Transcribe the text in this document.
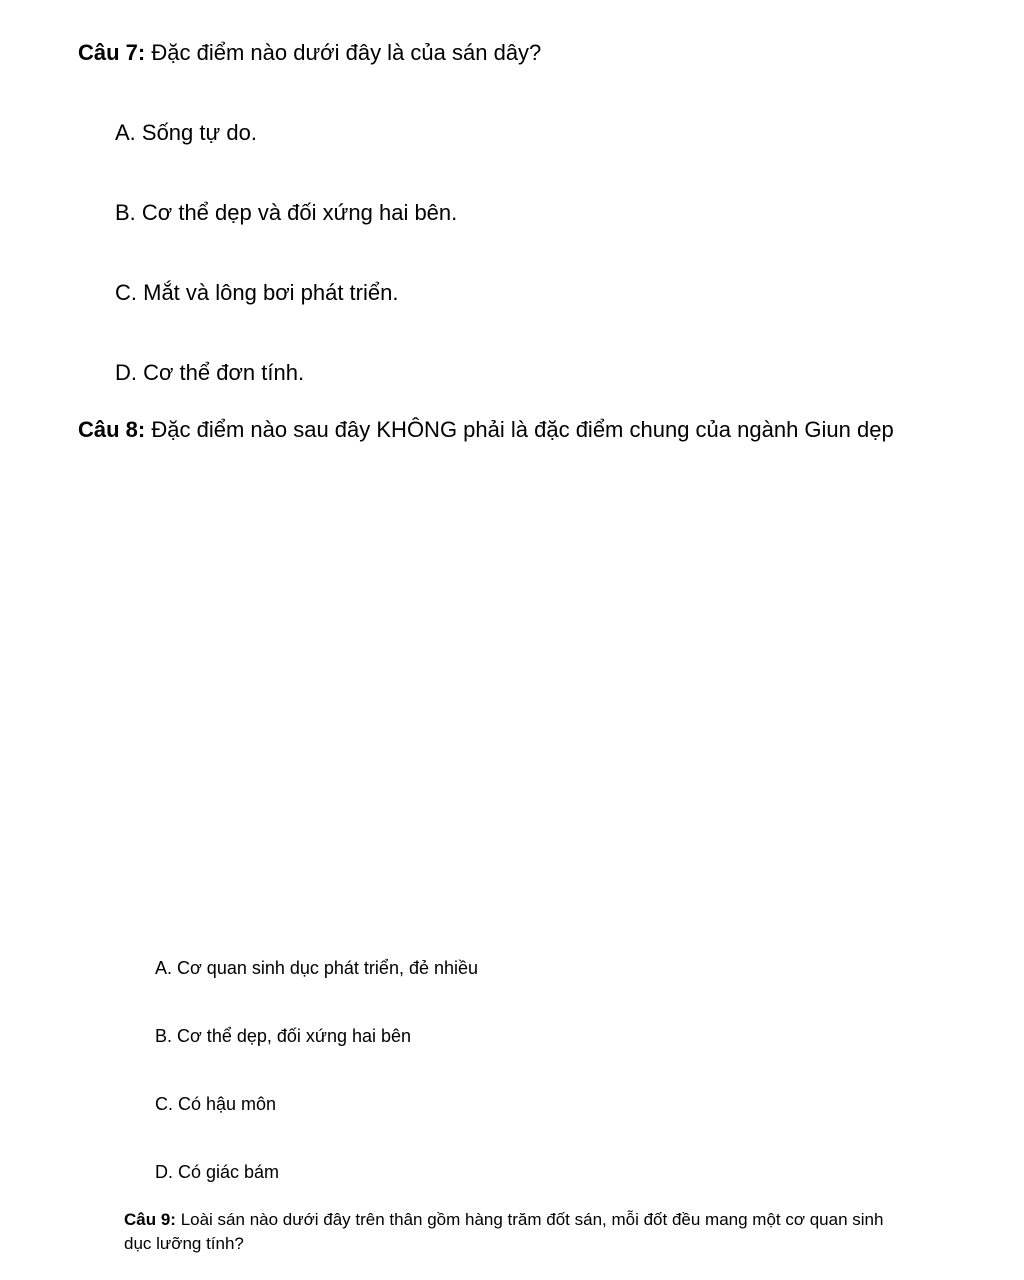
Câu 7: Đặc điểm nào dưới đây là của sán dây?
A. Sống tự do.
B. Cơ thể dẹp và đối xứng hai bên.
C. Mắt và lông bơi phát triển.
D. Cơ thể đơn tính.
Câu 8: Đặc điểm nào sau đây KHÔNG phải là đặc điểm chung của ngành Giun dẹp
A. Cơ quan sinh dục phát triển, đẻ nhiều
B. Cơ thể dẹp, đối xứng hai bên
C. Có hậu môn
D. Có giác bám
Câu 9: Loài sán nào dưới đây trên thân gồm hàng trăm đốt sán, mỗi đốt đều mang một cơ quan sinh dục lưỡng tính?
